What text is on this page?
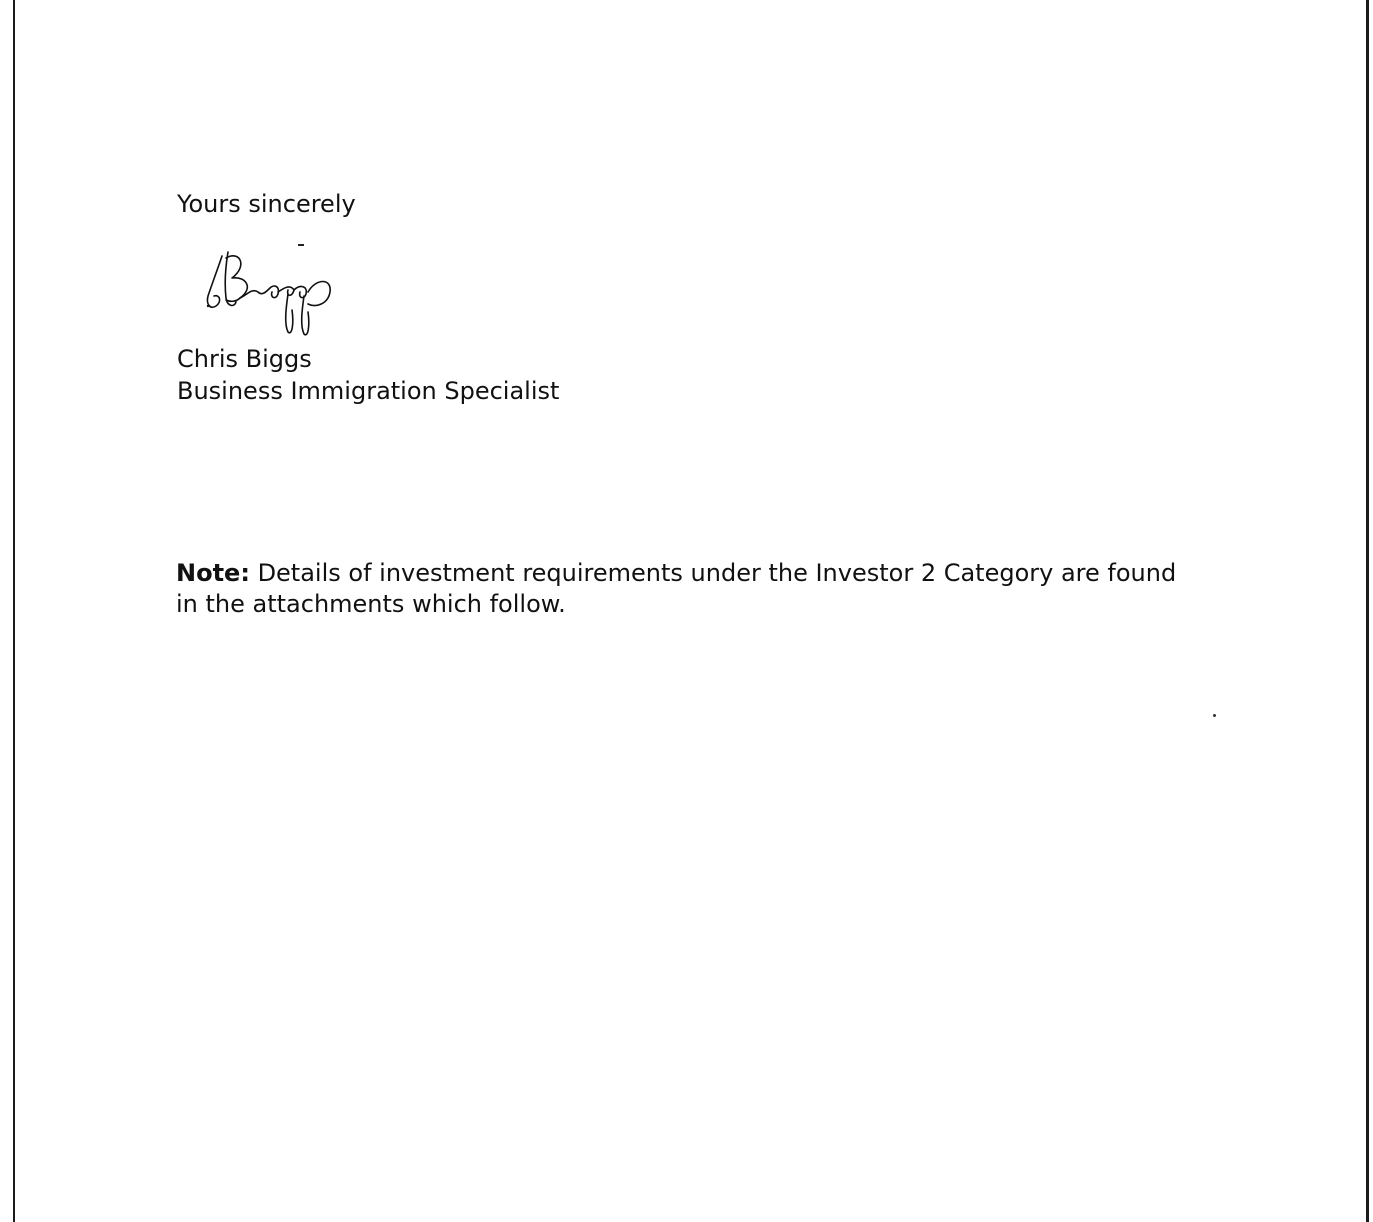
Yours sincerely
Chris Biggs
Business Immigration Specialist
Note: Details of investment requirements under the Investor 2 Category are found in the attachments which follow.
